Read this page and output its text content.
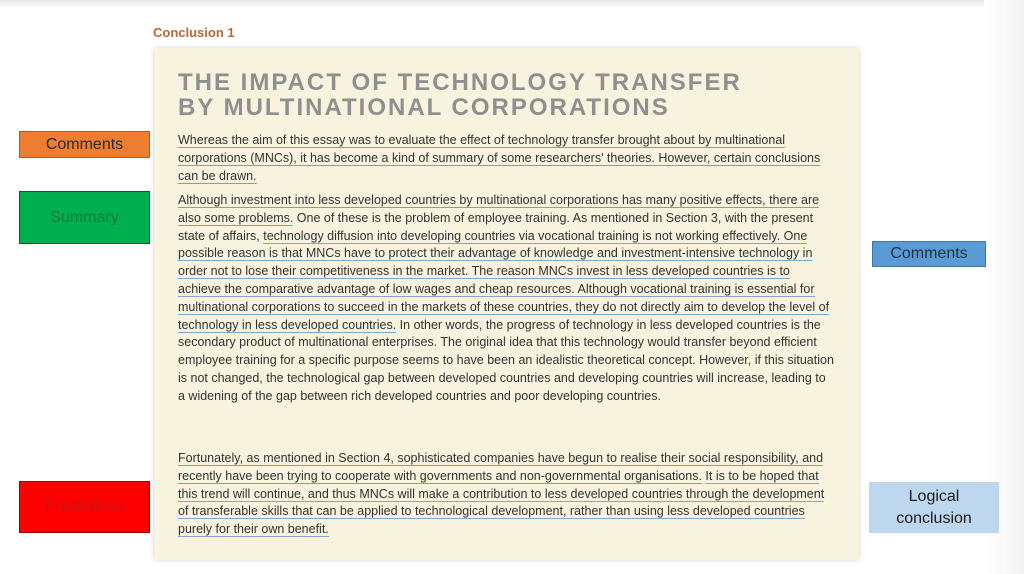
Conclusion 1
THE IMPACT OF TECHNOLOGY TRANSFER
BY MULTINATIONAL CORPORATIONS

Whereas the aim of this essay was to evaluate the effect of technology transfer brought about by multinational corporations (MNCs), it has become a kind of summary of some researchers' theories. However, certain conclusions can be drawn.

Although investment into less developed countries by multinational corporations has many positive effects, there are also some problems. One of these is the problem of employee training. As mentioned in Section 3, with the present state of affairs, technology diffusion into developing countries via vocational training is not working effectively. One possible reason is that MNCs have to protect their advantage of knowledge and investment-intensive technology in order not to lose their competitiveness in the market. The reason MNCs invest in less developed countries is to achieve the comparative advantage of low wages and cheap resources. Although vocational training is essential for multinational corporations to succeed in the markets of these countries, they do not directly aim to develop the level of technology in less developed countries. In other words, the progress of technology in less developed countries is the secondary product of multinational enterprises. The original idea that this technology would transfer beyond efficient employee training for a specific purpose seems to have been an idealistic theoretical concept. However, if this situation is not changed, the technological gap between developed countries and developing countries will increase, leading to a widening of the gap between rich developed countries and poor developing countries.

Fortunately, as mentioned in Section 4, sophisticated companies have begun to realise their social responsibility, and recently have been trying to cooperate with governments and non-governmental organisations. It is to be hoped that this trend will continue, and thus MNCs will make a contribution to less developed countries through the development of transferable skills that can be applied to technological development, rather than using less developed countries purely for their own benefit.

Comments
Summary
Predictions
Comments
Logical conclusion
